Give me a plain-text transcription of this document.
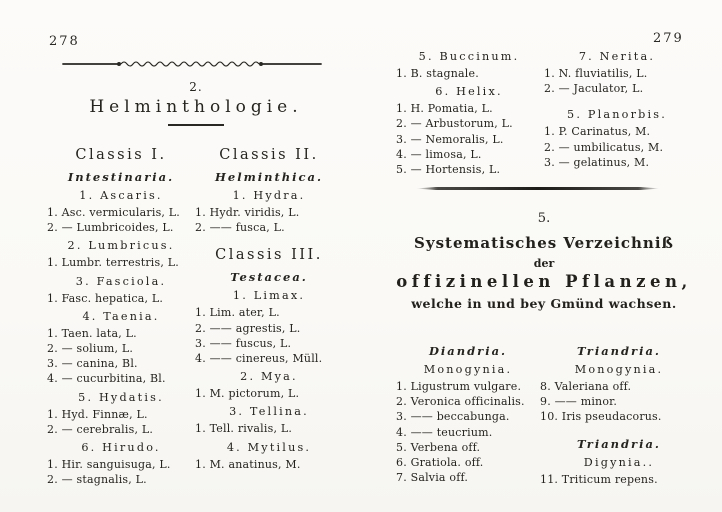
278
2.
Helminthologie.
Classis I.
Intestinaria.
1. Ascaris.
1. Asc. vermicularis, L.
2. — Lumbricoides, L.
2. Lumbricus.
1. Lumbr. terrestris, L.
3. Fasciola.
1. Fasc. hepatica, L.
4. Taenia.
1. Taen. lata, L.
2. — solium, L.
3. — canina, Bl.
4. — cucurbitina, Bl.
5. Hydatis.
1. Hyd. Finnæ, L.
2. — cerebralis, L.
6. Hirudo.
1. Hir. sanguisuga, L.
2. — stagnalis, L.
Classis II.
Helminthica.
1. Hydra.
1. Hydr. viridis, L.
2. —— fusca, L.
Classis III.
Testacea.
1. Limax.
1. Lim. ater, L.
2. —— agrestis, L.
3. —— fuscus, L.
4. —— cinereus, Müll.
2. Mya.
1. M. pictorum, L.
3. Tellina.
1. Tell. rivalis, L.
4. Mytilus.
1. M. anatinus, M.
279
5. Buccinum.
1. B. stagnale.
6. Helix.
1. H. Pomatia, L.
2. — Arbustorum, L.
3. — Nemoralis, L.
4. — limosa, L.
5. — Hortensis, L.
7. Nerita.
1. N. fluviatilis, L.
2. — Jaculator, L.
5. Planorbis.
1. P. Carinatus, M.
2. — umbilicatus, M.
3. — gelatinus, M.
5.
Systematisches Verzeichniß
der
offizinellen Pflanzen,
welche in und bey Gmünd wachsen.
Diandria.
Monogynia.
1. Ligustrum vulgare.
2. Veronica officinalis.
3. —— beccabunga.
4. —— teucrium.
5. Verbena off.
6. Gratiola. off.
7. Salvia off.
Triandria.
Monogynia.
8. Valeriana off.
9. —— minor.
10. Iris pseudacorus.
Triandria.
Digynia..
11. Triticum repens.
